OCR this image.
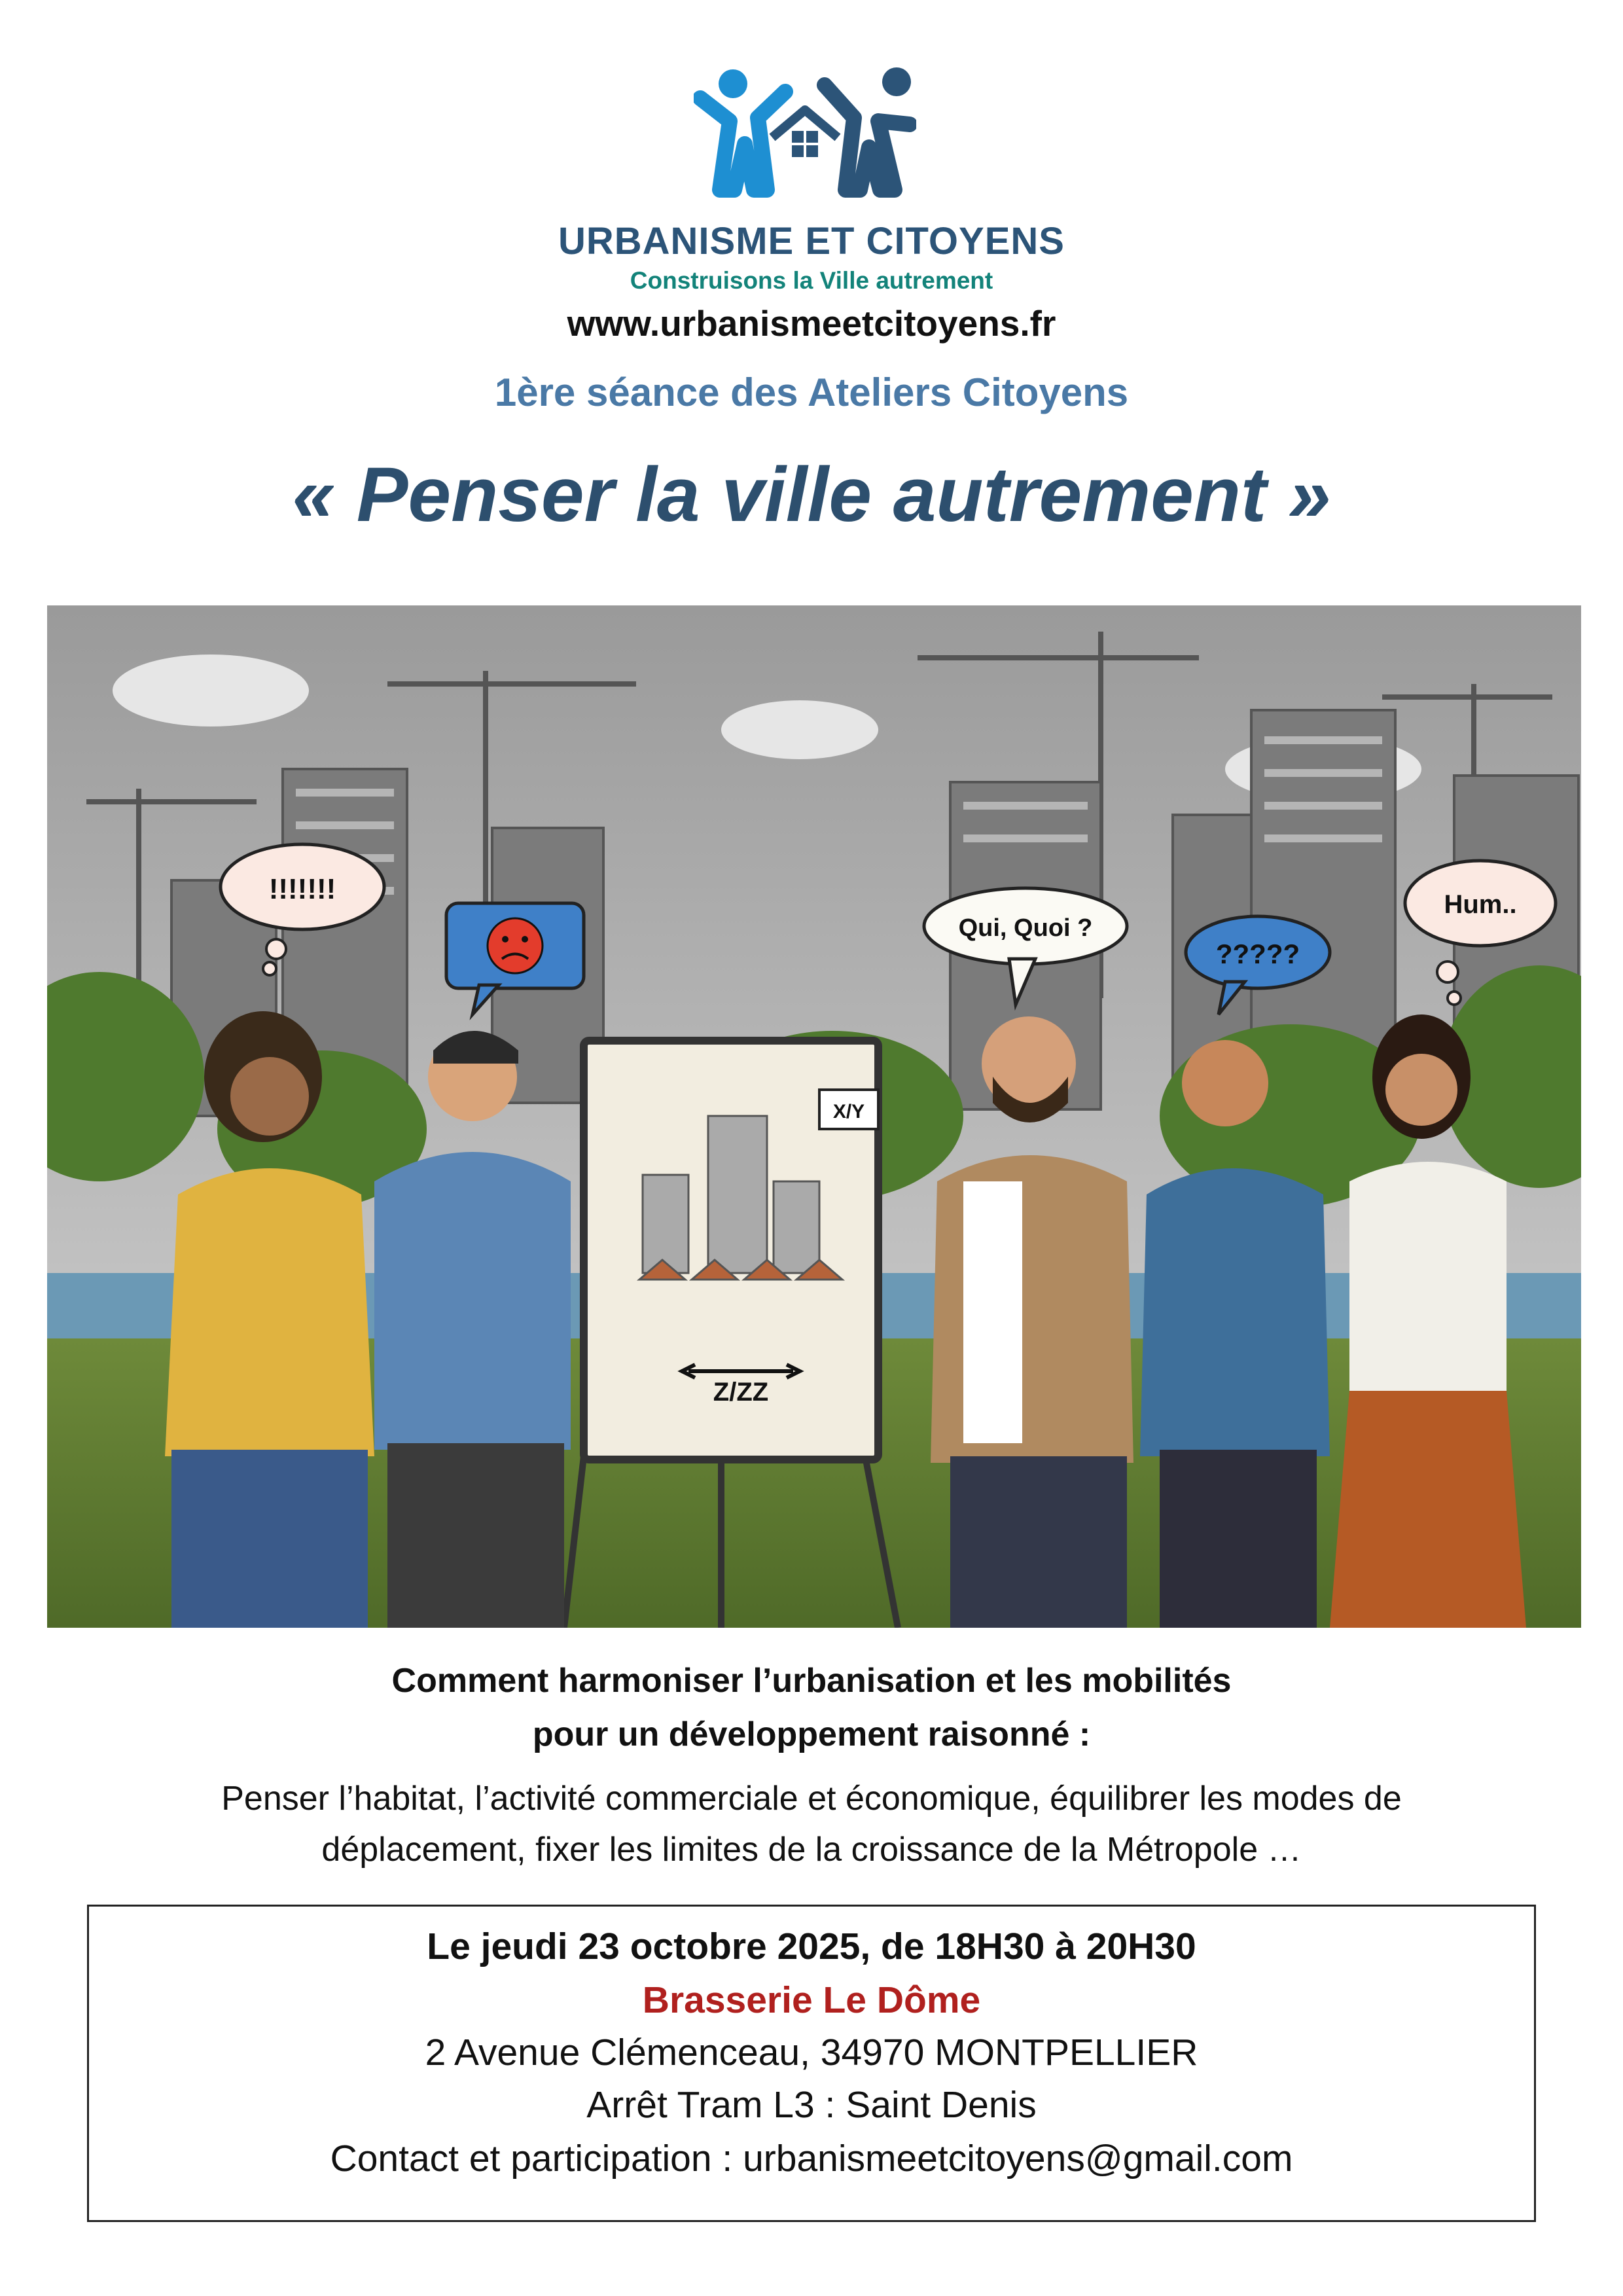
URBANISME ET CITOYENS
Construisons la Ville autrement
www.urbanismeetcitoyens.fr
1ère séance des Ateliers Citoyens
« Penser la ville autrement »
X/Y
Z/ZZ
!!!!!!!
Qui, Quoi ?
?????
Hum..
Comment harmoniser l’urbanisation et les mobilités
pour un développement raisonné :
Penser l’habitat, l’activité commerciale et économique, équilibrer les modes de
déplacement, fixer les limites de la croissance de la Métropole …
Le jeudi 23 octobre 2025, de 18H30 à 20H30
Brasserie Le Dôme
2 Avenue Clémenceau, 34970 MONTPELLIER
Arrêt Tram L3 : Saint Denis
Contact et participation : urbanismeetcitoyens@gmail.com
